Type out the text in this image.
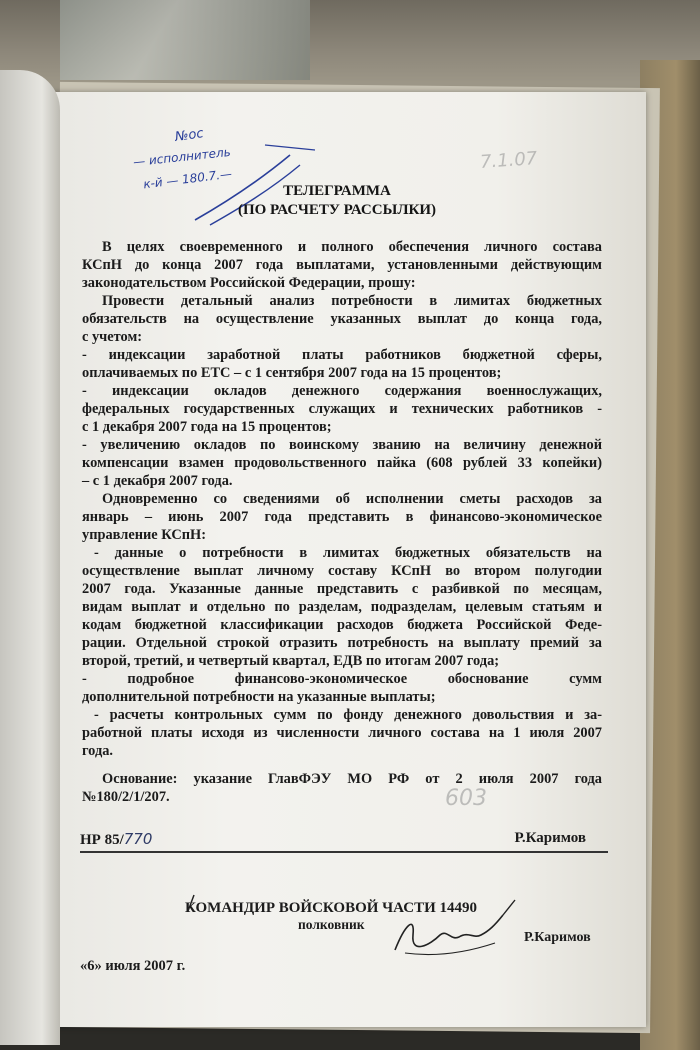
№ос
— исполнитель
к-й — 180.7.—
7.1.07
603
ТЕЛЕГРАММА
(ПО РАСЧЕТУ РАССЫЛКИ)
В целях своевременного и полного обеспечения личного состава
КСпН до конца 2007 года выплатами, установленными действующим
законодательством Российской Федерации, прошу:
Провести детальный анализ потребности в лимитах бюджетных
обязательств на осуществление указанных выплат до конца года,
с учетом:
- индексации заработной платы работников бюджетной сферы,
оплачиваемых по ЕТС – с 1 сентября 2007 года на 15 процентов;
- индексации окладов денежного содержания военнослужащих,
федеральных государственных служащих и технических работников -
с 1 декабря 2007 года на 15 процентов;
- увеличению окладов по воинскому званию на величину денежной
компенсации взамен продовольственного пайка (608 рублей 33 копейки)
– с 1 декабря 2007 года.
Одновременно со сведениями об исполнении сметы расходов за
январь – июнь 2007 года представить в финансово-экономическое
управление КСпН:
- данные о потребности в лимитах бюджетных обязательств на
осуществление выплат личному составу КСпН во втором полугодии
2007 года. Указанные данные представить с разбивкой по месяцам,
видам выплат и отдельно по разделам, подразделам, целевым статьям и
кодам бюджетной классификации расходов бюджета Российской Феде-
рации. Отдельной строкой отразить потребность на выплату премий за
второй, третий, и четвертый квартал, ЕДВ по итогам 2007 года;
- подробное финансово-экономическое обоснование сумм
дополнительной потребности на указанные выплаты;
- расчеты контрольных сумм по фонду денежного довольствия и за-
работной платы исходя из численности личного состава на 1 июля 2007
года.
Основание: указание ГлавФЭУ МО РФ от 2 июля 2007 года
№180/2/1/207.
НР 85/770	Р.Каримов
КОМАНДИР ВОЙСКОВОЙ ЧАСТИ 14490
полковник
Р.Каримов
«6» июля 2007 г.
